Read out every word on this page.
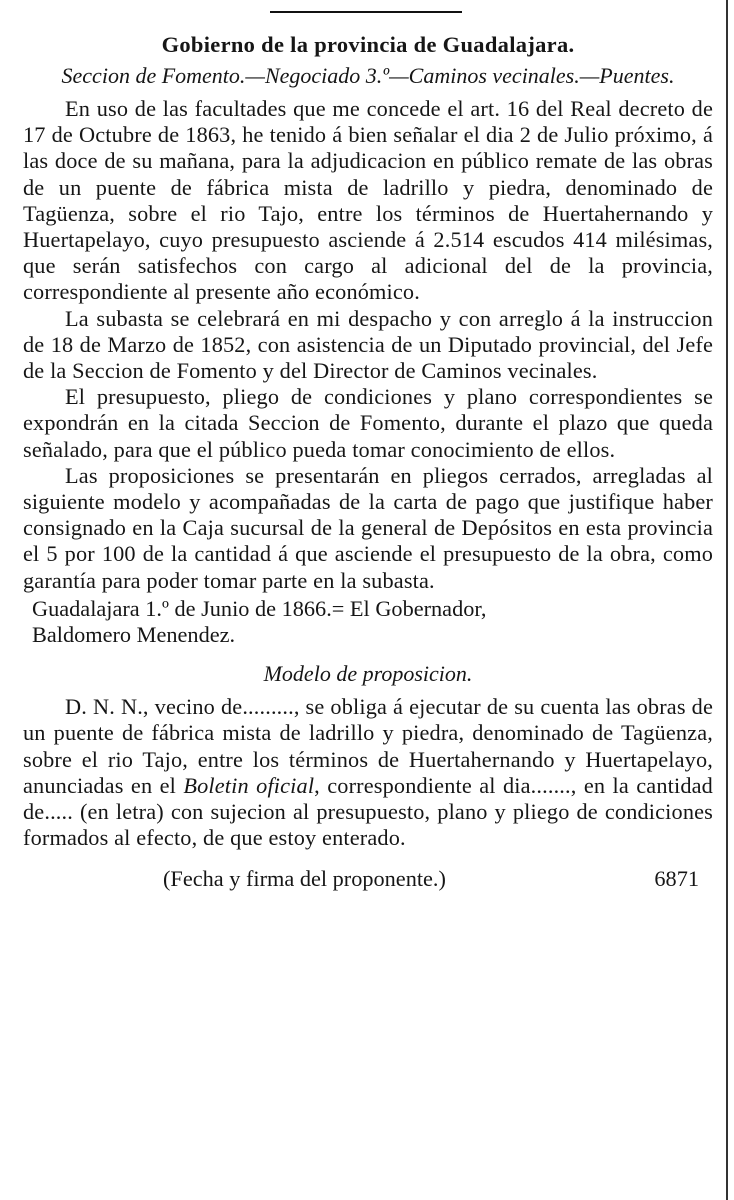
Gobierno de la provincia de Guadalajara.

Seccion de Fomento.—Negociado 3.º—Caminos vecinales.—Puentes.

En uso de las facultades que me concede el art. 16 del Real decreto de 17 de Octubre de 1863, he tenido á bien señalar el dia 2 de Julio próximo, á las doce de su mañana, para la adjudicacion en público remate de las obras de un puente de fábrica mista de ladrillo y piedra, denominado de Tagüenza, sobre el rio Tajo, entre los términos de Huertahernando y Huertapelayo, cuyo presupuesto asciende á 2.514 escudos 414 milésimas, que serán satisfechos con cargo al adicional del de la provincia, correspondiente al presente año económico.

La subasta se celebrará en mi despacho y con arreglo á la instruccion de 18 de Marzo de 1852, con asistencia de un Diputado provincial, del Jefe de la Seccion de Fomento y del Director de Caminos vecinales.

El presupuesto, pliego de condiciones y plano correspondientes se expondrán en la citada Seccion de Fomento, durante el plazo que queda señalado, para que el público pueda tomar conocimiento de ellos.

Las proposiciones se presentarán en pliegos cerrados, arregladas al siguiente modelo y acompañadas de la carta de pago que justifique haber consignado en la Caja sucursal de la general de Depósitos en esta provincia el 5 por 100 de la cantidad á que asciende el presupuesto de la obra, como garantía para poder tomar parte en la subasta.

Guadalajara 1.º de Junio de 1866.= El Gobernador,
Baldomero Menendez.

Modelo de proposicion.

D. N. N., vecino de........., se obliga á ejecutar de su cuenta las obras de un puente de fábrica mista de ladrillo y piedra, denominado de Tagüenza, sobre el rio Tajo, entre los términos de Huertahernando y Huertapelayo, anunciadas en el Boletin oficial, correspondiente al dia......., en la cantidad de..... (en letra) con sujecion al presupuesto, plano y pliego de condiciones formados al efecto, de que estoy enterado.

(Fecha y firma del proponente.)	6871
